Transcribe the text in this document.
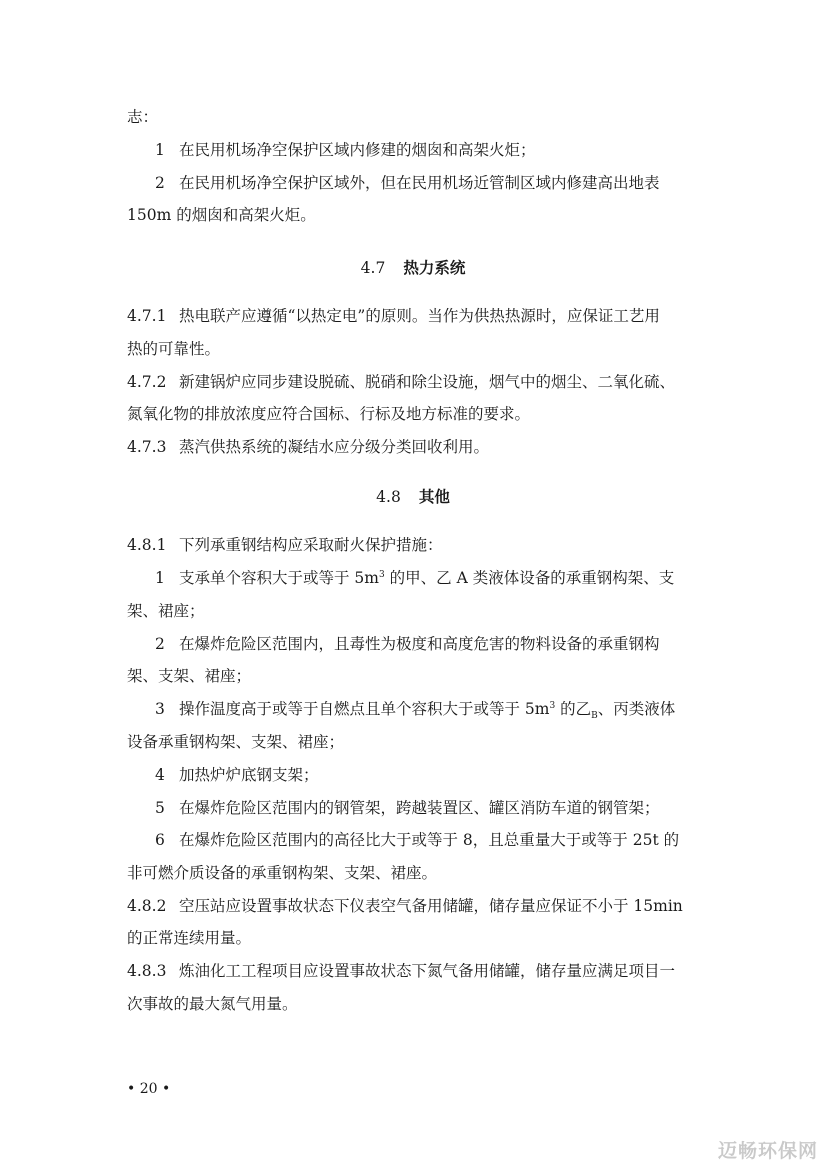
志：
1 在民用机场净空保护区域内修建的烟囱和高架火炬；
2 在民用机场净空保护区域外，但在民用机场近管制区域内修建高出地表
150m 的烟囱和高架火炬。
4.7 热力系统
4.7.1 热电联产应遵循“以热定电”的原则。当作为供热热源时，应保证工艺用
热的可靠性。
4.7.2 新建锅炉应同步建设脱硫、脱硝和除尘设施，烟气中的烟尘、二氧化硫、
氮氧化物的排放浓度应符合国标、行标及地方标准的要求。
4.7.3 蒸汽供热系统的凝结水应分级分类回收利用。
4.8 其他
4.8.1 下列承重钢结构应采取耐火保护措施：
1 支承单个容积大于或等于 $5m^3$ 的甲、乙 A 类液体设备的承重钢构架、支
架、裙座；
2 在爆炸危险区范围内，且毒性为极度和高度危害的物料设备的承重钢构
架、支架、裙座；
3 操作温度高于或等于自燃点且单个容积大于或等于 $5m^3$ 的乙$_B$、丙类液体
设备承重钢构架、支架、裙座；
4 加热炉炉底钢支架；
5 在爆炸危险区范围内的钢管架，跨越装置区、罐区消防车道的钢管架；
6 在爆炸危险区范围内的高径比大于或等于 8，且总重量大于或等于 25t 的
非可燃介质设备的承重钢构架、支架、裙座。
4.8.2 空压站应设置事故状态下仪表空气备用储罐，储存量应保证不小于 15min
的正常连续用量。
4.8.3 炼油化工工程项目应设置事故状态下氮气备用储罐，储存量应满足项目一
次事故的最大氮气用量。
• 20 •
迈畅环保网
